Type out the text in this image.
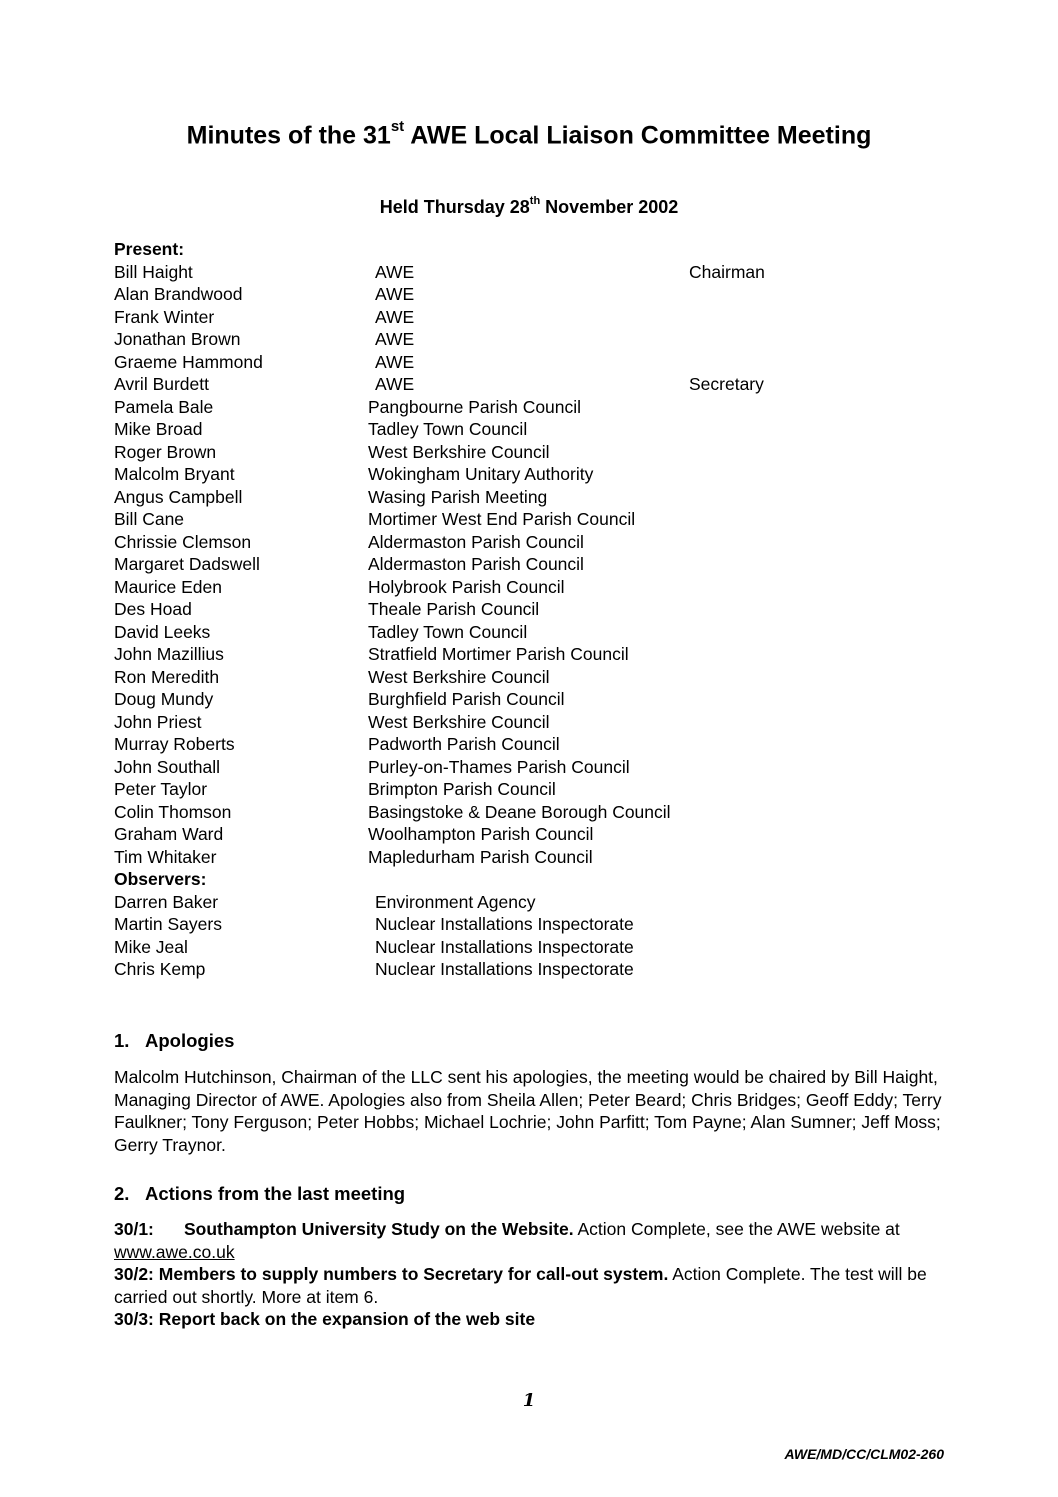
Minutes of the 31st AWE Local Liaison Committee Meeting
Held Thursday 28th November 2002
Present:
Bill Haight	AWE	Chairman
Alan Brandwood	AWE
Frank Winter	AWE
Jonathan Brown	AWE
Graeme Hammond	AWE
Avril Burdett	AWE	Secretary
Pamela Bale	Pangbourne Parish Council
Mike Broad	Tadley Town Council
Roger Brown	West Berkshire Council
Malcolm Bryant	Wokingham Unitary Authority
Angus Campbell	Wasing Parish Meeting
Bill Cane	Mortimer West End Parish Council
Chrissie Clemson	Aldermaston Parish Council
Margaret Dadswell	Aldermaston Parish Council
Maurice Eden	Holybrook Parish Council
Des Hoad	Theale Parish Council
David Leeks	Tadley Town Council
John Mazillius	Stratfield Mortimer Parish Council
Ron Meredith	West Berkshire Council
Doug Mundy	Burghfield Parish Council
John Priest	West Berkshire Council
Murray Roberts	Padworth Parish Council
John Southall	Purley-on-Thames Parish Council
Peter Taylor	Brimpton Parish Council
Colin Thomson	Basingstoke & Deane Borough Council
Graham Ward	Woolhampton Parish Council
Tim Whitaker	Mapledurham Parish Council
Observers:
Darren Baker	Environment Agency
Martin Sayers	Nuclear Installations Inspectorate
Mike Jeal	Nuclear Installations Inspectorate
Chris Kemp	Nuclear Installations Inspectorate
1. Apologies
Malcolm Hutchinson, Chairman of the LLC sent his apologies, the meeting would be chaired by Bill Haight, Managing Director of AWE. Apologies also from Sheila Allen; Peter Beard; Chris Bridges; Geoff Eddy; Terry Faulkner; Tony Ferguson; Peter Hobbs; Michael Lochrie; John Parfitt; Tom Payne; Alan Sumner; Jeff Moss; Gerry Traynor.
2. Actions from the last meeting
30/1: Southampton University Study on the Website. Action Complete, see the AWE website at www.awe.co.uk
30/2: Members to supply numbers to Secretary for call-out system. Action Complete. The test will be carried out shortly. More at item 6.
30/3: Report back on the expansion of the web site
1
AWE/MD/CC/CLM02-260
